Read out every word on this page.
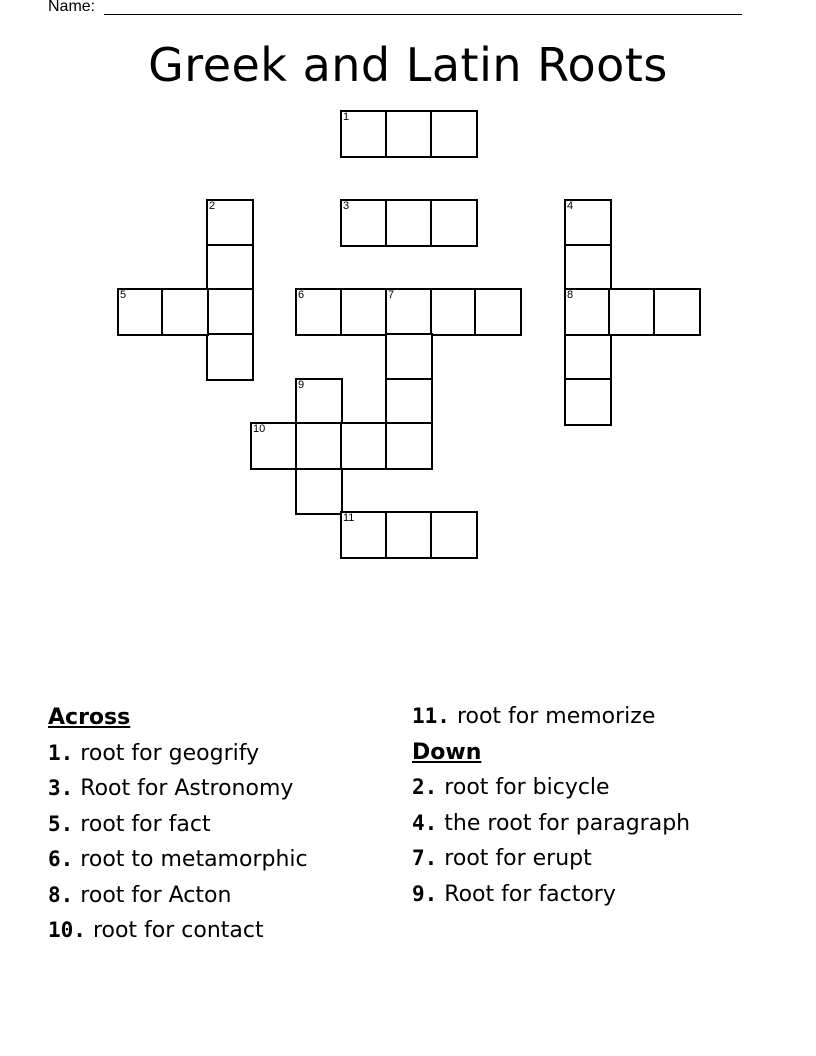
Name:
Greek and Latin Roots
1
2	3	4
5	6	7	8
9
10
11
Across
1. root for geogrify
3. Root for Astronomy
5. root for fact
6. root to metamorphic
8. root for Acton
10. root for contact
11. root for memorize
Down
2. root for bicycle
4. the root for paragraph
7. root for erupt
9. Root for factory
